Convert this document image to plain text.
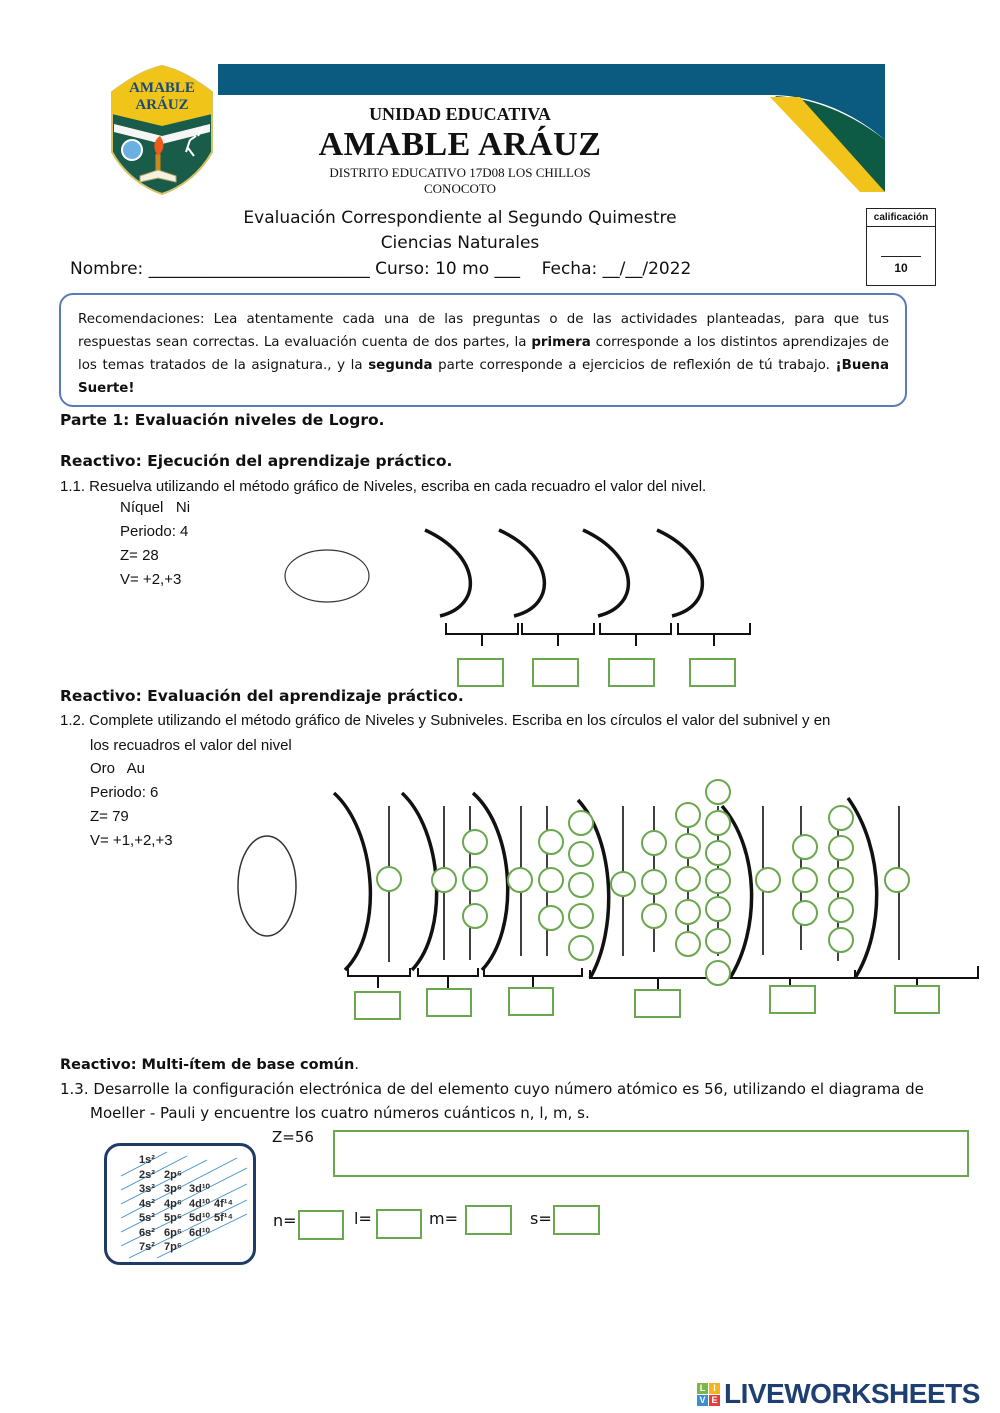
AMABLE
ARÁUZ	UNIDAD EDUCATIVA
AMABLE ARÁUZ
DISTRITO EDUCATIVO 17D08 LOS CHILLOS
CONOCOTO
Evaluación Correspondiente al Segundo Quimestre
Ciencias Naturales
Nombre: __________________________ Curso: 10 mo ___ Fecha: __/__/2022
calificación
10
Recomendaciones: Lea atentamente cada una de las preguntas o de las actividades planteadas, para que tus respuestas sean correctas. La evaluación cuenta de dos partes, la primera corresponde a los distintos aprendizajes de los temas tratados de la asignatura., y la segunda parte corresponde a ejercicios de reflexión de tú trabajo. ¡Buena Suerte!
Parte 1: Evaluación niveles de Logro.
Reactivo: Ejecución del aprendizaje práctico.
1.1. Resuelva utilizando el método gráfico de Niveles, escriba en cada recuadro el valor del nivel.
Níquel   Ni
Periodo: 4
Z= 28
V= +2,+3
Reactivo: Evaluación del aprendizaje práctico.
1.2. Complete utilizando el método gráfico de Niveles y Subniveles. Escriba en los círculos el valor del subnivel y en
los recuadros el valor del nivel
Oro   Au
Periodo: 6
Z= 79
V= +1,+2,+3
Reactivo: Multi-ítem de base común.
1.3. Desarrolle la configuración electrónica de del elemento cuyo número atómico es 56, utilizando el diagrama de
Moeller - Pauli y encuentre los cuatro números cuánticos n, l, m, s.
1s²
2s² 2p⁶
3s² 3p⁶ 3d¹⁰
4s² 4p⁶ 4d¹⁰ 4f¹⁴
5s² 5p⁶ 5d¹⁰ 5f¹⁴
6s² 6p⁶ 6d¹⁰
7s² 7p⁶
Z=56
n=	l=	m=	s=
L I
V E LIVEWORKSHEETS
